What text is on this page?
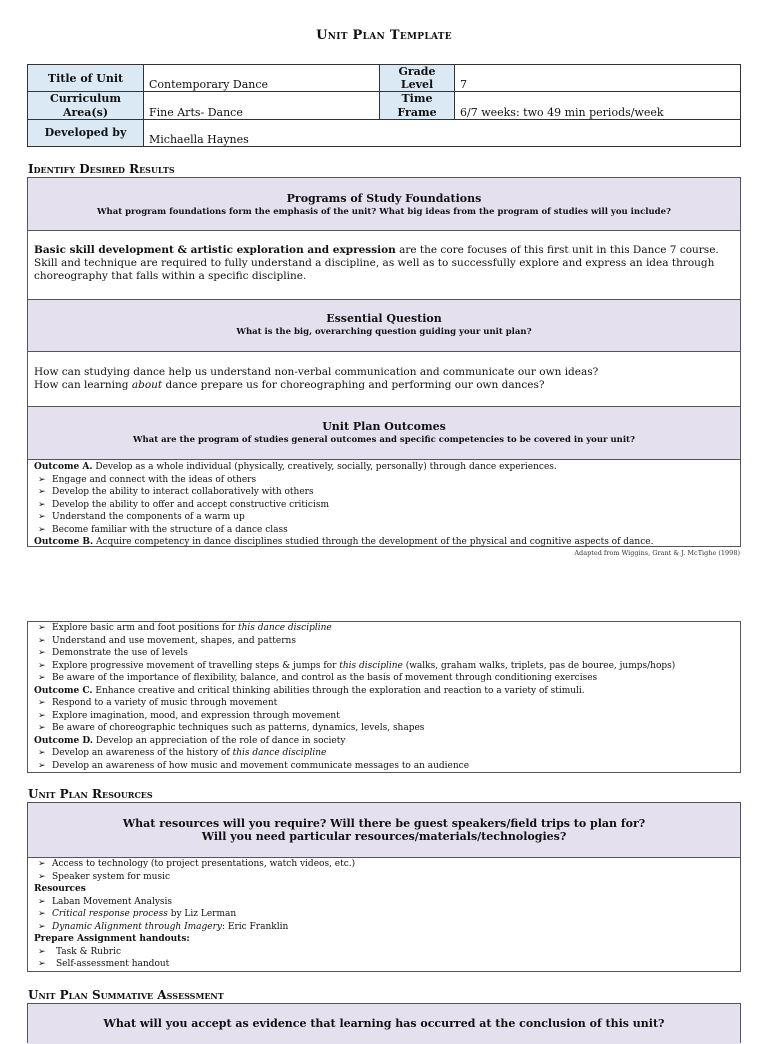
Unit Plan Template
Title of Unit	Contemporary Dance	Grade Level	7
Curriculum Area(s)	Fine Arts- Dance	Time Frame	6/7 weeks: two 49 min periods/week
Developed by	Michaella Haynes		
Identify Desired Results
Programs of Study Foundations
What program foundations form the emphasis of the unit? What big ideas from the program of studies will you include?
Basic skill development & artistic exploration and expression are the core focuses of this first unit in this Dance 7 course. Skill and technique are required to fully understand a discipline, as well as to successfully explore and express an idea through choreography that falls within a specific discipline.
Essential Question
What is the big, overarching question guiding your unit plan?
How can studying dance help us understand non-verbal communication and communicate our own ideas?
How can learning about dance prepare us for choreographing and performing our own dances?
Unit Plan Outcomes
What are the program of studies general outcomes and specific competencies to be covered in your unit?
Outcome A. Develop as a whole individual (physically, creatively, socially, personally) through dance experiences.
➢ Engage and connect with the ideas of others
➢ Develop the ability to interact collaboratively with others
➢ Develop the ability to offer and accept constructive criticism
➢ Understand the components of a warm up
➢ Become familiar with the structure of a dance class
Outcome B. Acquire competency in dance disciplines studied through the development of the physical and cognitive aspects of dance.
Adapted from Wiggins, Grant & J. McTighe (1998)
➢ Explore basic arm and foot positions for this dance discipline
➢ Understand and use movement, shapes, and patterns
➢ Demonstrate the use of levels
➢ Explore progressive movement of travelling steps & jumps for this discipline (walks, graham walks, triplets, pas de bouree, jumps/hops)
➢ Be aware of the importance of flexibility, balance, and control as the basis of movement through conditioning exercises
Outcome C. Enhance creative and critical thinking abilities through the exploration and reaction to a variety of stimuli.
➢ Respond to a variety of music through movement
➢ Explore imagination, mood, and expression through movement
➢ Be aware of choreographic techniques such as patterns, dynamics, levels, shapes
Outcome D. Develop an appreciation of the role of dance in society
➢ Develop an awareness of the history of this dance discipline
➢ Develop an awareness of how music and movement communicate messages to an audience
Unit Plan Resources
What resources will you require? Will there be guest speakers/field trips to plan for?
Will you need particular resources/materials/technologies?
➢ Access to technology (to project presentations, watch videos, etc.)
➢ Speaker system for music
Resources
➢ Laban Movement Analysis
➢ Critical response process by Liz Lerman
➢ Dynamic Alignment through Imagery: Eric Franklin
Prepare Assignment handouts:
➢ Task & Rubric
➢ Self-assessment handout
Unit Plan Summative Assessment
What will you accept as evidence that learning has occurred at the conclusion of this unit?
